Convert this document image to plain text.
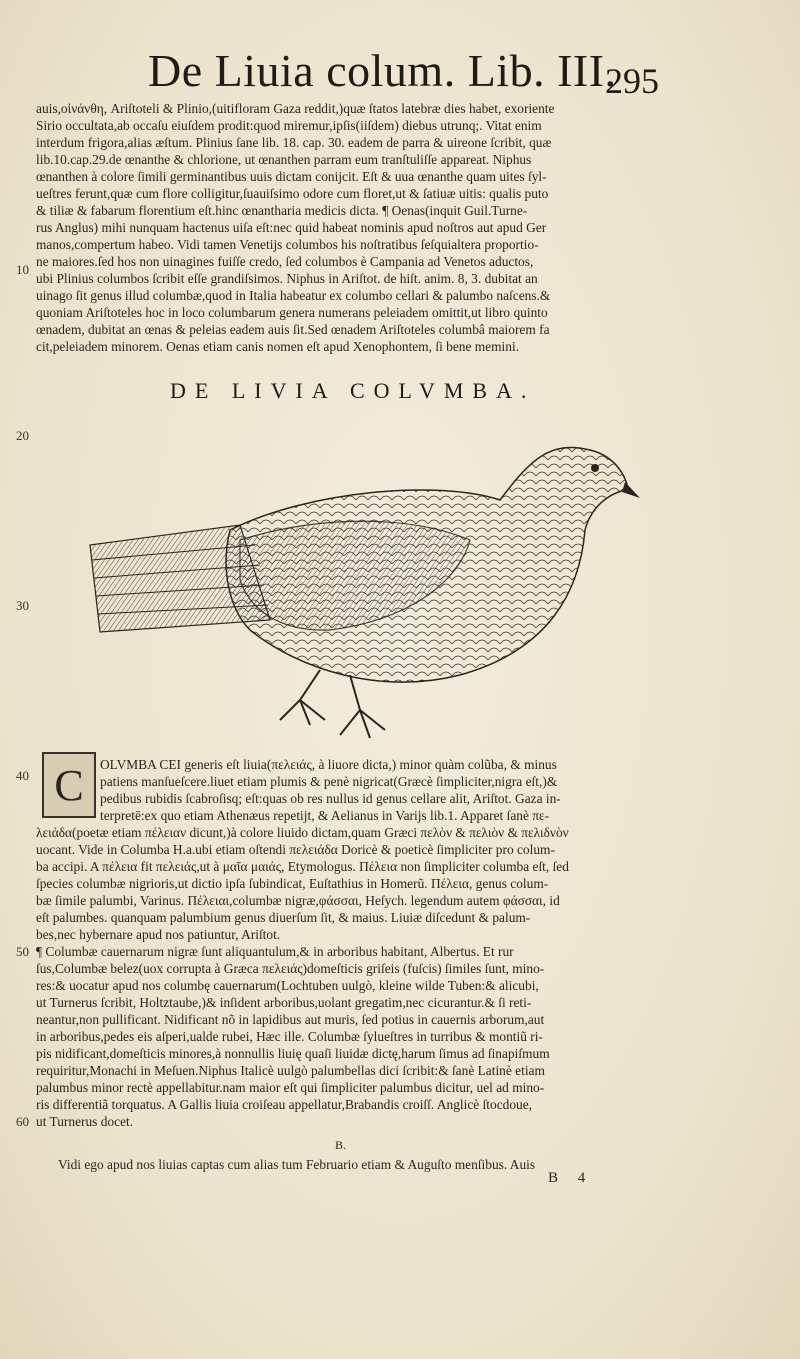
De Liuia colum. Lib. III.
295
auis,οἰνάνθη, Ariſtoteli & Plinio,(uitifloram Gaza reddit,)quæ ſtatos latebræ dies habet, exoriente
Sirio occultata,ab occaſu eiuſdem prodit:quod miremur,ipſis(iiſdem) diebus utrunq;. Vitat enim
interdum frigora,alias æſtum. Plinius ſane lib. 18. cap. 30. eadem de parra & uireone ſcribit, quæ
lib.10.cap.29.de œnanthe & chlorione, ut œnanthen parram eum tranſtuliſſe appareat. Niphus
œnanthen à colore ſimili germinantibus uuis dictam conijcit. Eſt & uua œnanthe quam uites ſyl-
ueſtres ferunt,quæ cum flore colligitur,ſuauiſsimo odore cum floret,ut & ſatiuæ uitis: qualis puto
& tiliæ & fabarum florentium eſt.hinc œnantharia medicis dicta. ¶ Oenas(inquit Guil.Turne-
rus Anglus) mihi nunquam hactenus uiſa eſt:nec quid habeat nominis apud noſtros aut apud Ger
manos,compertum habeo. Vidi tamen Venetijs columbos his noſtratibus ſeſquialtera proportio-
ne maiores.ſed hos non uinagines fuiſſe credo, ſed columbos è Campania ad Venetos aductos,
ubi Plinius columbos ſcribit eſſe grandiſsimos. Niphus in Ariſtot. de hiſt. anim. 8, 3. dubitat an
uinago ſit genus illud columbæ,quod in Italia habeatur ex columbo cellari & palumbo naſcens.&
quoniam Ariſtoteles hoc in loco columbarum genera numerans peleiadem omittit,ut libro quinto
œnadem, dubitat an œnas & peleias eadem auis ſit.Sed œnadem Ariſtoteles columbâ maiorem fa
cit,peleiadem minorem. Oenas etiam canis nomen eſt apud Xenophontem, ſi bene memini.
10
20
30
40
50
60
DE LIVIA COLVMBA.
C OLVMBA CEI generis eſt liuia(πελειάς, à liuore dicta,) minor quàm colũba, & minus
patiens manſueſcere.liuet etiam plumis & penè nigricat(Græcè ſimpliciter,nigra eſt,)&
pedibus rubidis ſcabroſisq; eſt:quas ob res nullus id genus cellare alit, Ariſtot. Gaza in-
terpretē:ex quo etiam Athenæus repetijt, & Aelianus in Varijs lib.1. Apparet ſanè πε-
λειάδα(poetæ etiam πέλειαν dicunt,)à colore liuido dictam,quam Græci πελὸν & πελιὸν & πελιδνὸν
uocant. Vide in Columba H.a.ubi etiam oſtendi πελειάδα Doricè & poeticè ſimpliciter pro colum-
ba accipi. A πέλεια fit πελειάς,ut à μαῖα μαιάς, Etymologus. Πέλεια non ſimpliciter columba eſt, ſed
ſpecies columbæ nigrioris,ut dictio ipſa ſubindicat, Euſtathius in Homerũ. Πέλεια, genus colum-
bæ ſimile palumbi, Varinus. Πέλειαι,columbæ nigræ,φάσσαι, Heſych. legendum autem φάσσαι, id
eſt palumbes. quanquam palumbium genus diuerſum ſit, & maius. Liuiæ diſcedunt & palum-
bes,nec hybernare apud nos patiuntur, Ariſtot.
¶ Columbæ cauernarum nigræ ſunt aliquantulum,& in arboribus habitant, Albertus. Et rur
ſus,Columbæ belez(uox corrupta à Græca πελειάς)domeſticis griſeis (fuſcis) ſimiles ſunt, mino-
res:& uocatur apud nos columbę cauernarum(Lochtuben uulgò, kleine wilde Tuben:& alicubi,
ut Turnerus ſcribit, Holtztaube,)& inſident arboribus,uolant gregatim,nec cicurantur.& ſi reti-
neantur,non pullificant. Nidificant nõ in lapidibus aut muris, ſed potius in cauernis arborum,aut
in arboribus,pedes eis aſperi,ualde rubei, Hæc ille. Columbæ ſylueſtres in turribus & montiũ ri-
pis nidificant,domeſticis minores,à nonnullis liuię quaſi liuidæ dictę,harum ſimus ad ſinapiſmum
requiritur,Monachi in Meſuen.Niphus Italicè uulgò palumbellas dici ſcribit:& ſanè Latinè etiam
palumbus minor rectè appellabitur.nam maior eſt qui ſimpliciter palumbus dicitur, uel ad mino-
ris differentiã torquatus. A Gallis liuia croiſeau appellatur,Brabandis croiſſ. Anglicè ſtocdoue,
ut Turnerus docet.
B.
Vidi ego apud nos liuias captas cum alias tum Februario etiam & Auguſto menſibus. Auis
B 4
